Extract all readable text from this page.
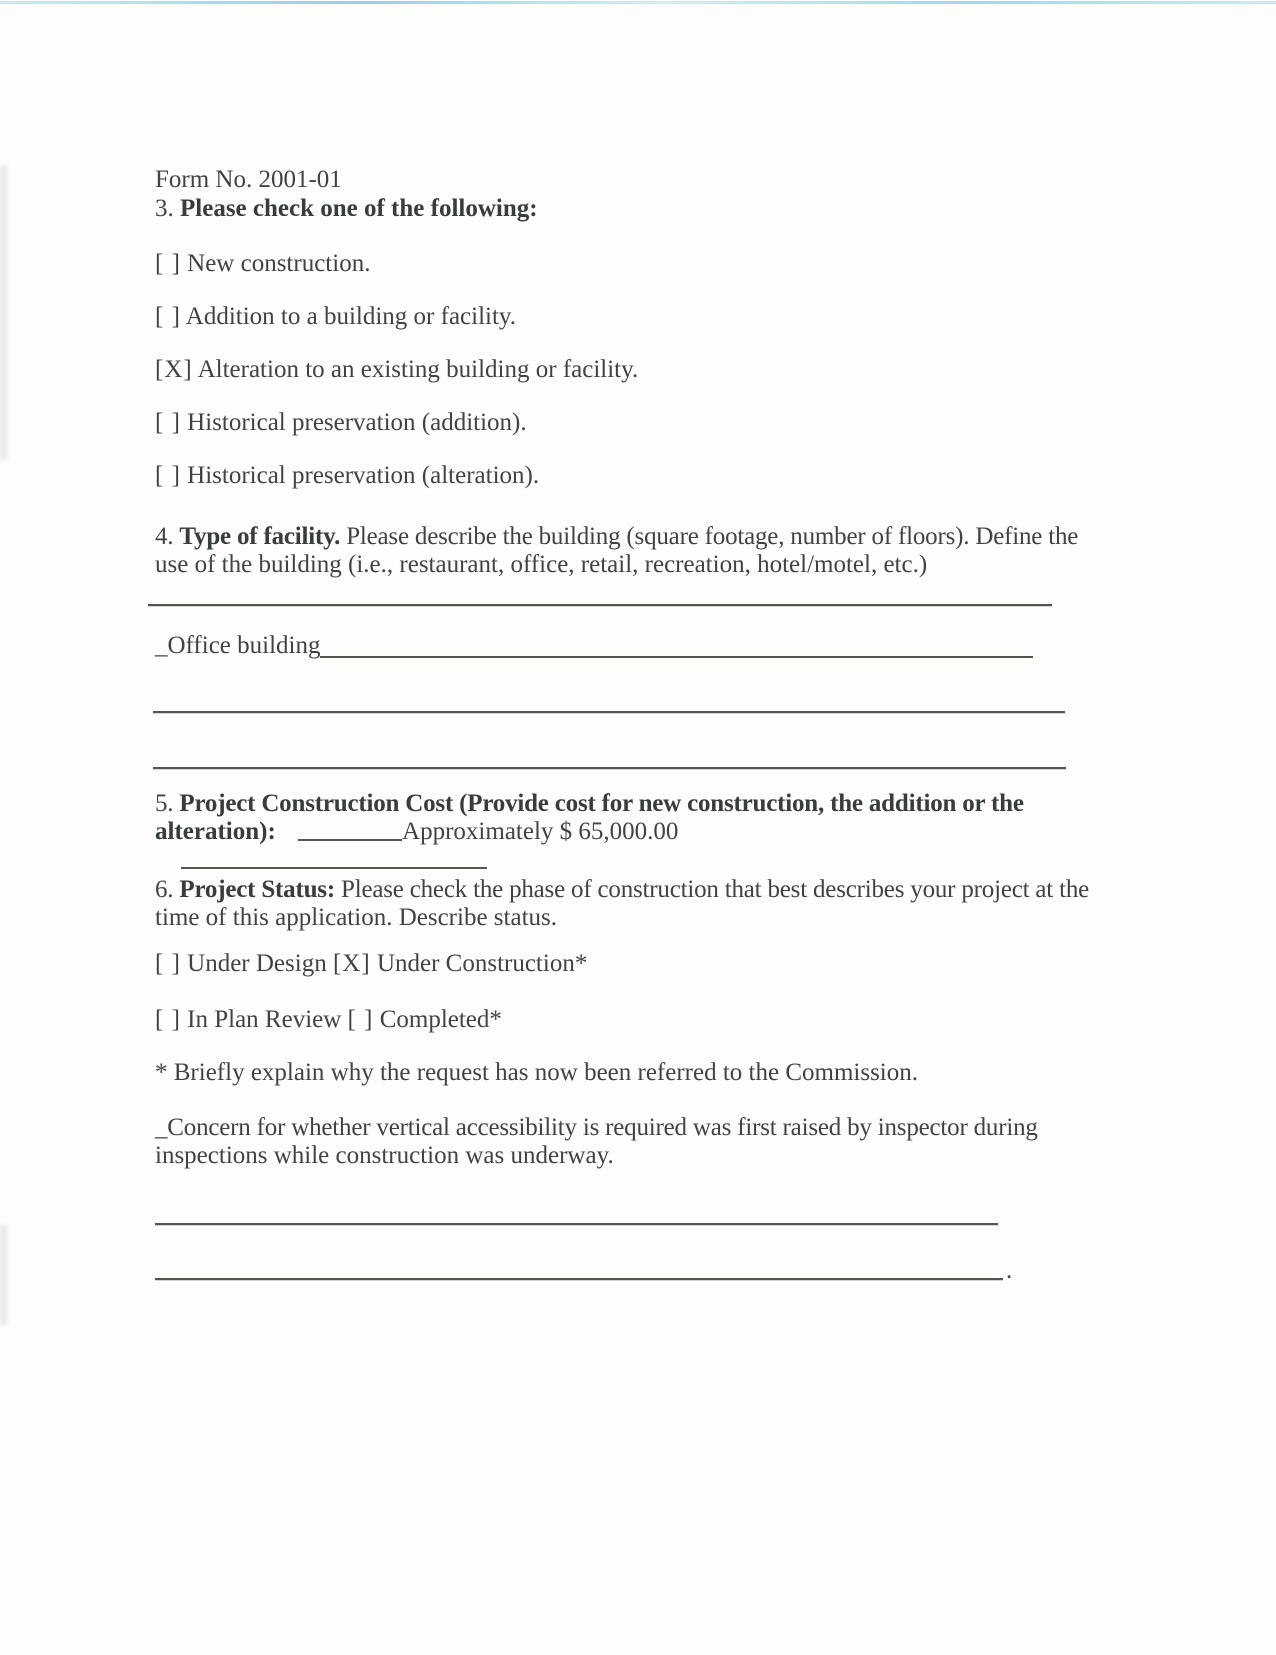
Form No. 2001-01
3. Please check one of the following:
[ ] New construction.
[ ] Addition to a building or facility.
[X] Alteration to an existing building or facility.
[ ] Historical preservation (addition).
[ ] Historical preservation (alteration).
4. Type of facility. Please describe the building (square footage, number of floors). Define the
use of the building (i.e., restaurant, office, retail, recreation, hotel/motel, etc.)
_Office building
5. Project Construction Cost (Provide cost for new construction, the addition or the
alteration):	Approximately $ 65,000.00
6. Project Status: Please check the phase of construction that best describes your project at the
time of this application. Describe status.
[ ] Under Design [X] Under Construction*
[ ] In Plan Review [ ] Completed*
* Briefly explain why the request has now been referred to the Commission.
_Concern for whether vertical accessibility is required was first raised by inspector during
inspections while construction was underway.
.
